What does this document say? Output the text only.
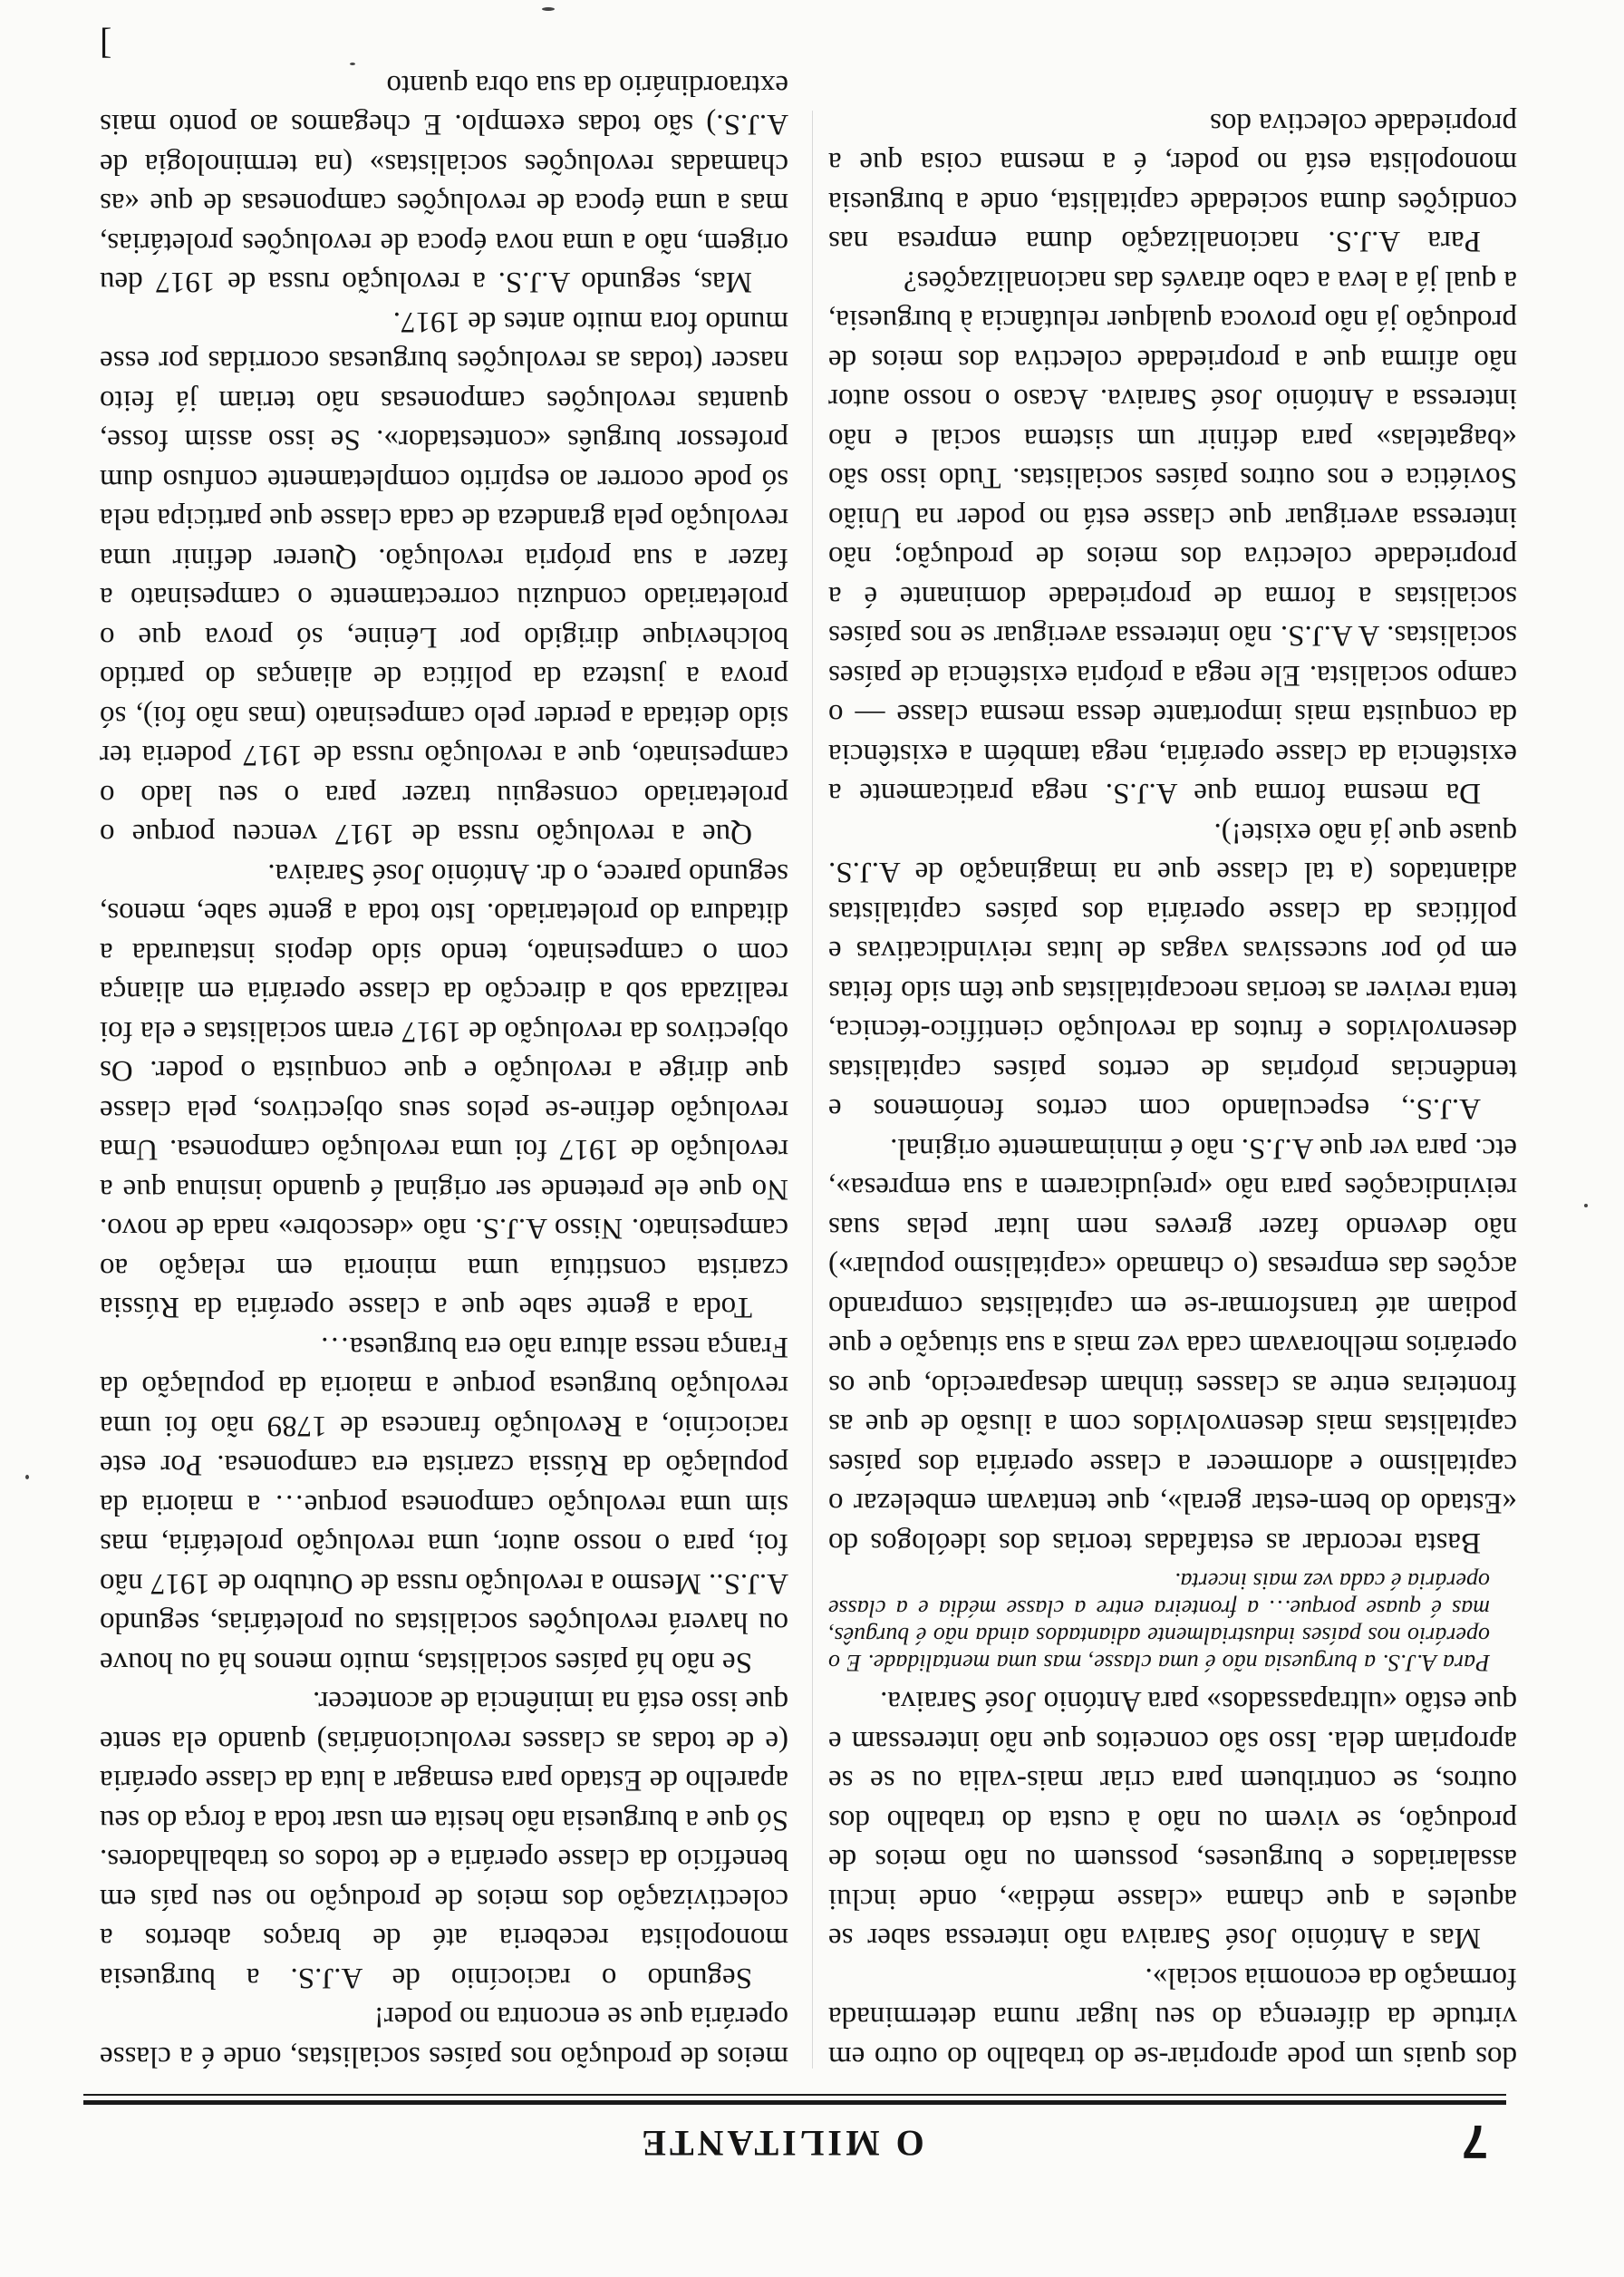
7
O MILITANTE

dos quais um pode apropriar-se do trabalho do outro em virtude da diferença do seu lugar numa determinada formação da economia social».

Mas a António José Saraiva não interessa saber se aqueles a que chama «classe média», onde inclui assalariados e burgueses, possuem ou não meios de produção, se vivem ou não à custa do trabalho dos outros, se contribuem para criar mais-valia ou se se apropriam dela. Isso são conceitos que não interessam e que estão «ultrapassados» para António José Saraiva.

Para A.J.S. a burguesia não é uma classe, mas uma mentalidade. E o operário nos países industrialmente adiantados ainda não é burguês, mas é quase porque… a fronteira entre a classe média e a classe operária é cada vez mais incerta.

Basta recordar as estafadas teorias dos ideólogos do «Estado do bem-estar geral», que tentavam embelezar o capitalismo e adormecer a classe operária dos países capitalistas mais desenvolvidos com a ilusão de que as fronteiras entre as classes tinham desaparecido, que os operários melhoravam cada vez mais a sua situação e que podiam até transformar-se em capitalistas comprando acções das empresas (o chamado «capitalismo popular») não devendo fazer greves nem lutar pelas suas reivindicações para não «prejudicarem a sua empresa», etc. para ver que A.J.S. não é minimamente original.

A.J.S., especulando com certos fenómenos e tendências próprias de certos países capitalistas desenvolvidos e frutos da revolução científico-técnica, tenta reviver as teorias neocapitalistas que têm sido feitas em pó por sucessivas vagas de lutas reivindicativas e políticas da classe operária dos países capitalistas adiantados (a tal classe que na imaginação de A.J.S. quase que já não existe!).

Da mesma forma que A.J.S. nega praticamente a existência da classe operária, nega também a existência da conquista mais importante dessa mesma classe — o campo socialista. Ele nega a própria existência de países socialistas. A A.J.S. não interessa averiguar se nos países socialistas a forma de propriedade dominante é a propriedade colectiva dos meios de produção; não interessa averiguar que classe está no poder na União Soviética e nos outros países socialistas. Tudo isso são «bagatelas» para definir um sistema social e não interessa a António José Saraiva. Acaso o nosso autor não afirma que a propriedade colectiva dos meios de produção já não provoca qualquer relutância à burguesia, a qual já a leva a cabo através das nacionalizações?

Para A.J.S. nacionalização duma empresa nas condições duma sociedade capitalista, onde a burguesia monopolista está no poder, é a mesma coisa que a propriedade colectiva dos

meios de produção nos países socialistas, onde é a classe operária que se encontra no poder!

Segundo o raciocínio de A.J.S. a burguesia monopolista receberia até de braços abertos a colectivização dos meios de produção no seu país em benefício da classe operária e de todos os trabalhadores. Só que a burguesia não hesita em usar toda a força do seu aparelho de Estado para esmagar a luta da classe operária (e de todas as classes revolucionárias) quando ela sente que isso está na iminência de acontecer.

Se não há países socialistas, muito menos há ou houve ou haverá revoluções socialistas ou proletárias, segundo A.J.S.. Mesmo a revolução russa de Outubro de 1917 não foi, para o nosso autor, uma revolução proletária, mas sim uma revolução camponesa porque… a maioria da população da Rússia czarista era camponesa. Por este raciocínio, a Revolução francesa de 1789 não foi uma revolução burguesa porque a maioria da população da França nessa altura não era burguesa…

Toda a gente sabe que a classe operária da Rússia czarista constituía uma minoria em relação ao campesinato. Nisso A.J.S. não «descobre» nada de novo. No que ele pretende ser original é quando insinua que a revolução de 1917 foi uma revolução camponesa. Uma revolução define-se pelos seus objectivos, pela classe que dirige a revolução e que conquista o poder. Os objectivos da revolução de 1917 eram socialistas e ela foi realizada sob a direcção da classe operária em aliança com o campesinato, tendo sido depois instaurada a ditadura do proletariado. Isto toda a gente sabe, menos, segundo parece, o dr. António José Saraiva.

Que a revolução russa de 1917 venceu porque o proletariado conseguiu trazer para o seu lado o campesinato, que a revolução russa de 1917 poderia ter sido deitada a perder pelo campesinato (mas não foi), só prova a justeza da política de alianças do partido bolchevique dirigido por Lénine, só prova que o proletariado conduziu correctamente o campesinato a fazer a sua própria revolução. Querer definir uma revolução pela grandeza de cada classe que participa nela só pode ocorrer ao espírito completamente confuso dum professor burguês «contestador». Se isso assim fosse, quantas revoluções camponesas não teriam já feito nascer (todas as revoluções burguesas ocorridas por esse mundo fora muito antes de 1917.

Mas, segundo A.J.S. a revolução russa de 1917 deu origem, não a uma nova época de revoluções proletárias, mas a uma época de revoluções camponesas de que «as chamadas revoluções socialistas» (na terminologia de A.J.S.) são todas exemplo. E chegamos ao ponto mais extraordinário da sua obra quanto

]
